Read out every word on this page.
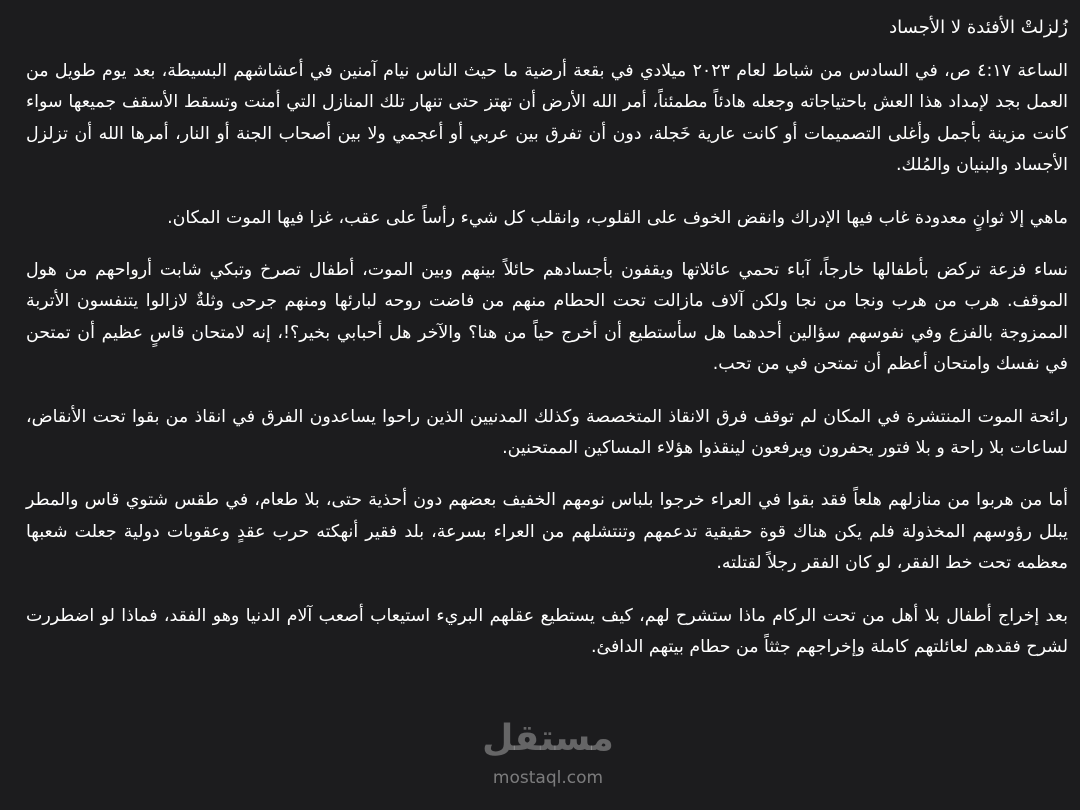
زُلزلتْ الأفئدة لا الأجساد

الساعة ٤:١٧ ص، في السادس من شباط لعام ٢٠٢٣ ميلادي في بقعة أرضية ما حيث الناس نيام آمنين في أعشاشهم البسيطة، بعد يوم طويل من العمل بجد لإمداد هذا العش باحتياجاته وجعله هادئاً مطمئناً، أمر الله الأرض أن تهتز حتى تنهار تلك المنازل التي أمنت وتسقط الأسقف جميعها سواء كانت مزينة بأجمل وأغلى التصميمات أو كانت عارية خَجلة، دون أن تفرق بين عربي أو أعجمي ولا بين أصحاب الجنة أو النار، أمرها الله أن تزلزل الأجساد والبنيان والمُلك.

ماهي إلا ثوانٍ معدودة غاب فيها الإدراك وانقض الخوف على القلوب، وانقلب كل شيء رأساً على عقب، غزا فيها الموت المكان.

نساء فزعة تركض بأطفالها خارجاً، آباء تحمي عائلاتها ويقفون بأجسادهم حائلاً بينهم وبين الموت، أطفال تصرخ وتبكي شابت أرواحهم من هول الموقف. هرب من هرب ونجا من نجا ولكن آلاف مازالت تحت الحطام منهم من فاضت روحه لبارئها ومنهم جرحى وثلةٌ لازالوا يتنفسون الأتربة الممزوجة بالفزع وفي نفوسهم سؤالين أحدهما هل سأستطيع أن أخرج حياً من هنا؟ والآخر هل أحبابي بخير؟!، إنه لامتحان قاسٍ عظيم أن تمتحن في نفسك وامتحان أعظم أن تمتحن في من تحب.

رائحة الموت المنتشرة في المكان لم توقف فرق الانقاذ المتخصصة وكذلك المدنيين الذين راحوا يساعدون الفرق في انقاذ من بقوا تحت الأنقاض، لساعات بلا راحة و بلا فتور يحفرون ويرفعون لينقذوا هؤلاء المساكين الممتحنين.

أما من هربوا من منازلهم هلعاً فقد بقوا في العراء خرجوا بلباس نومهم الخفيف بعضهم دون أحذية حتى، بلا طعام، في طقس شتوي قاس والمطر يبلل رؤوسهم المخذولة فلم يكن هناك قوة حقيقية تدعمهم وتنتشلهم من العراء بسرعة، بلد فقير أنهكته حرب عقدٍ وعقوبات دولية جعلت شعبها معظمه تحت خط الفقر، لو كان الفقر رجلاً لقتلته.

بعد إخراج أطفال بلا أهل من تحت الركام ماذا ستشرح لهم، كيف يستطيع عقلهم البريء استيعاب أصعب آلام الدنيا وهو الفقد، فماذا لو اضطررت لشرح فقدهم لعائلتهم كاملة وإخراجهم جثثاً من حطام بيتهم الدافئ.

مستقل
mostaql.com
